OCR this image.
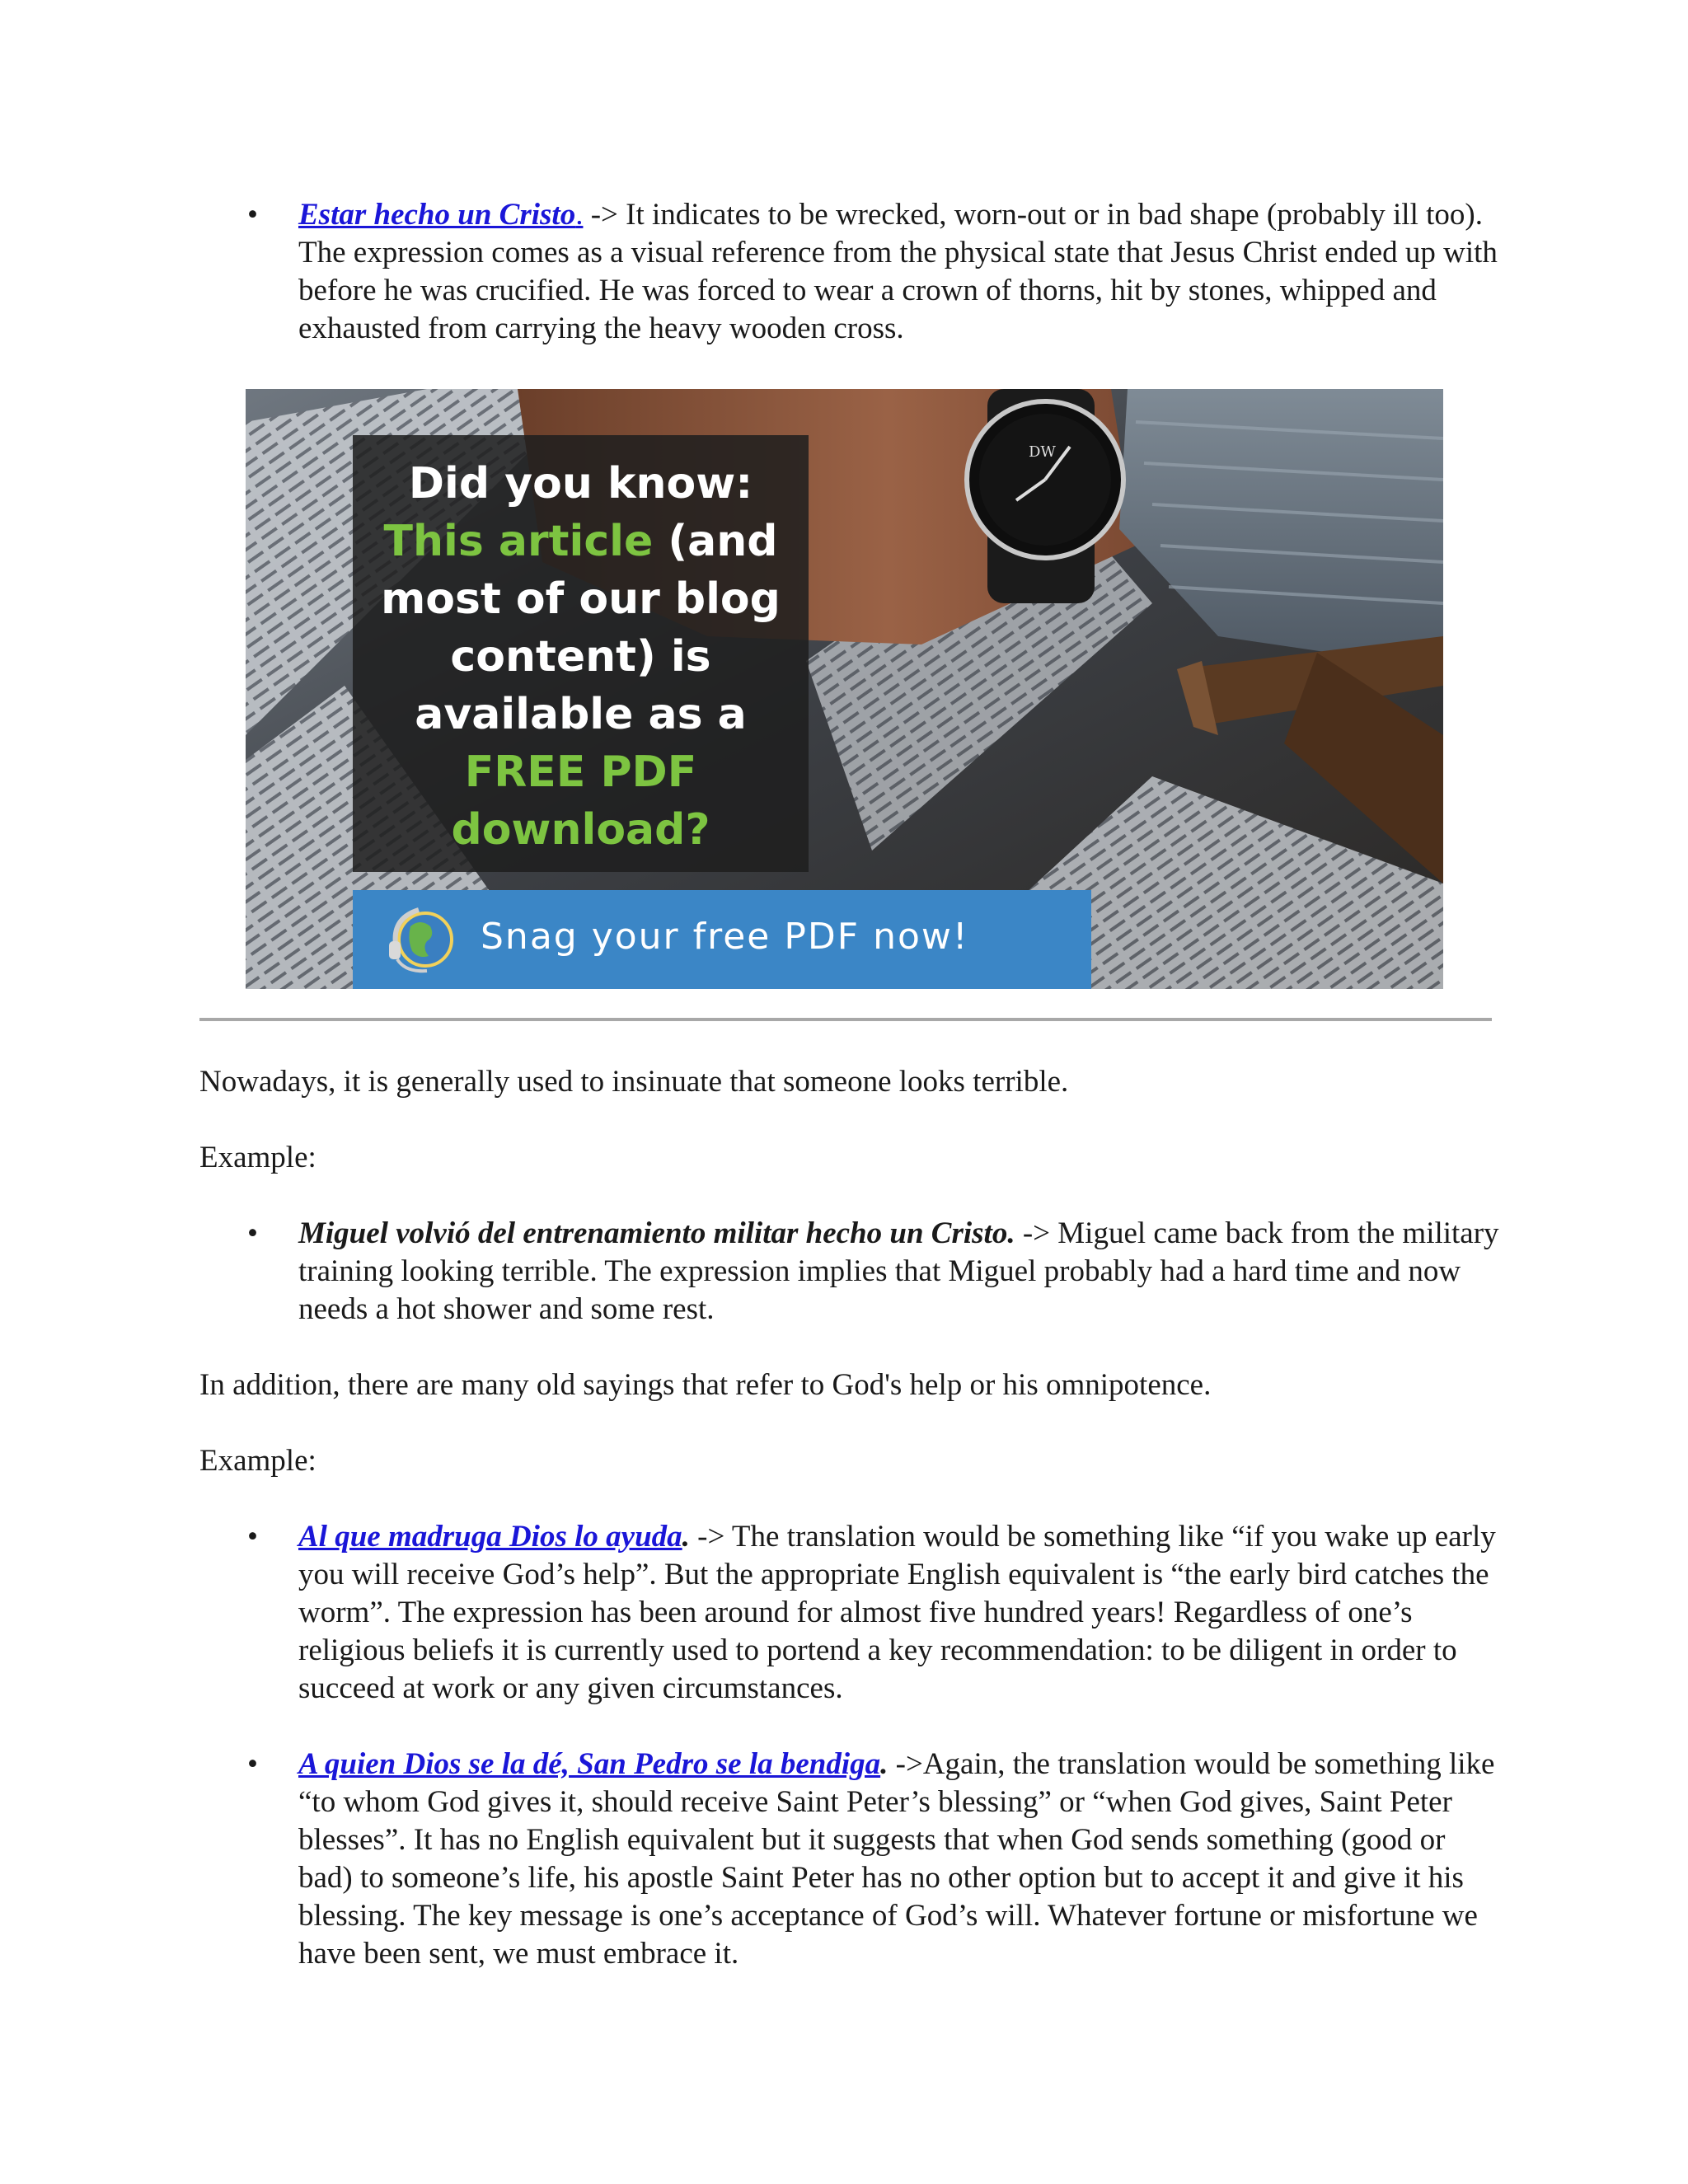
• Estar hecho un Cristo. -> It indicates to be wrecked, worn-out or in bad shape (probably ill too). The expression comes as a visual reference from the physical state that Jesus Christ ended up with before he was crucified. He was forced to wear a crown of thorns, hit by stones, whipped and exhausted from carrying the heavy wooden cross.
DW
Did you know:
This article (and
most of our blog
content) is
available as a
FREE PDF
download?
Snag your free PDF now!

Nowadays, it is generally used to insinuate that someone looks terrible.

Example:

• Miguel volvió del entrenamiento militar hecho un Cristo. -> Miguel came back from the military training looking terrible. The expression implies that Miguel probably had a hard time and now needs a hot shower and some rest.

In addition, there are many old sayings that refer to God's help or his omnipotence.

Example:

• Al que madruga Dios lo ayuda. -> The translation would be something like “if you wake up early you will receive God’s help”. But the appropriate English equivalent is “the early bird catches the worm”. The expression has been around for almost five hundred years! Regardless of one’s religious beliefs it is currently used to portend a key recommendation: to be diligent in order to succeed at work or any given circumstances.
• A quien Dios se la dé, San Pedro se la bendiga. ->Again, the translation would be something like “to whom God gives it, should receive Saint Peter’s blessing” or “when God gives, Saint Peter blesses”. It has no English equivalent but it suggests that when God sends something (good or bad) to someone’s life, his apostle Saint Peter has no other option but to accept it and give it his blessing. The key message is one’s acceptance of God’s will. Whatever fortune or misfortune we have been sent, we must embrace it.
